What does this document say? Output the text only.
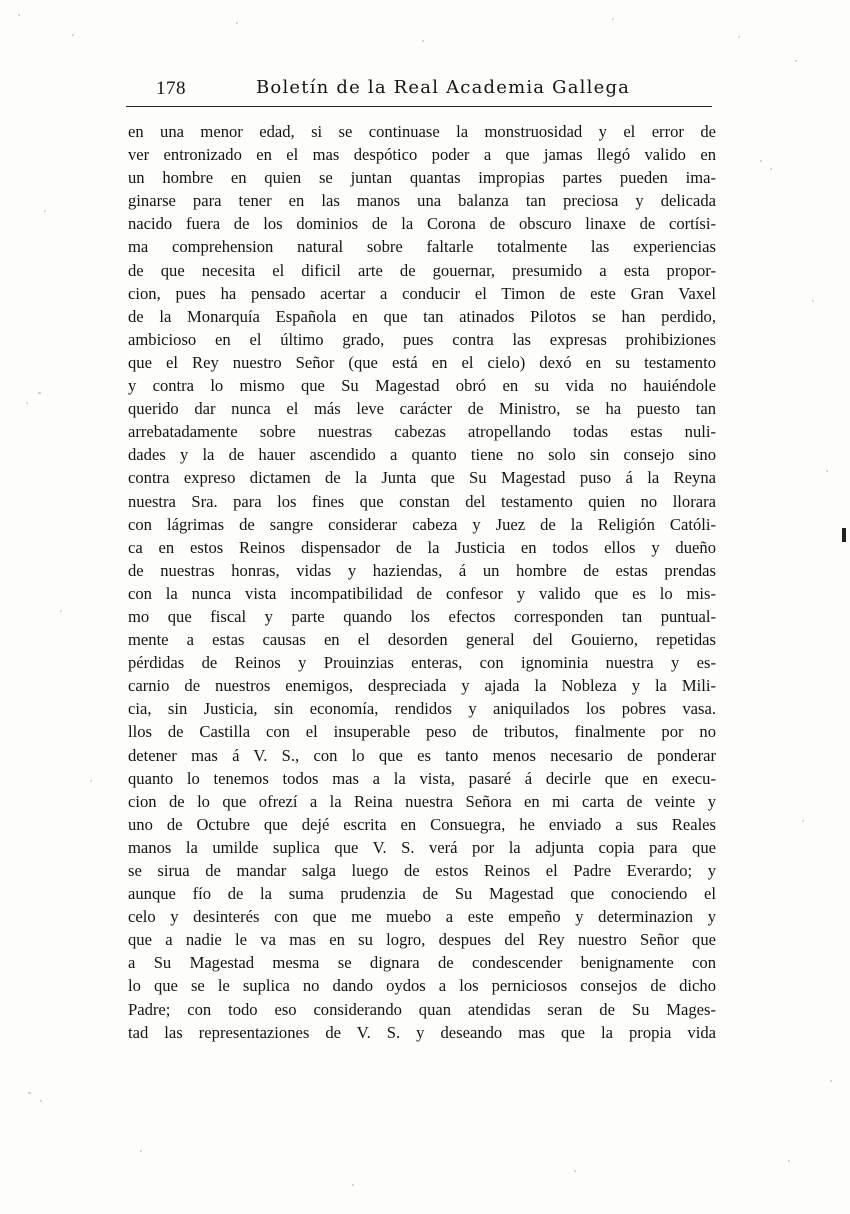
178	Boletín de la Real Academia Gallega
en una menor edad, si se continuase la monstruosidad y el error de
ver entronizado en el mas despótico poder a que jamas llegó valido en
un hombre en quien se juntan quantas impropias partes pueden ima-
ginarse para tener en las manos una balanza tan preciosa y delicada
nacido fuera de los dominios de la Corona de obscuro linaxe de cortísi-
ma comprehension natural sobre faltarle totalmente las experiencias
de que necesita el dificil arte de gouernar, presumido a esta propor-
cion, pues ha pensado acertar a conducir el Timon de este Gran Vaxel
de la Monarquía Española en que tan atinados Pilotos se han perdido,
ambicioso en el último grado, pues contra las expresas prohibiziones
que el Rey nuestro Señor (que está en el cielo) dexó en su testamento
y contra lo mismo que Su Magestad obró en su vida no hauiéndole
querido dar nunca el más leve carácter de Ministro, se ha puesto tan
arrebatadamente sobre nuestras cabezas atropellando todas estas nuli-
dades y la de hauer ascendido a quanto tiene no solo sin consejo sino
contra expreso dictamen de la Junta que Su Magestad puso á la Reyna
nuestra Sra. para los fines que constan del testamento quien no llorara
con lágrimas de sangre considerar cabeza y Juez de la Religión Católi-
ca en estos Reinos dispensador de la Justicia en todos ellos y dueño
de nuestras honras, vidas y haziendas, á un hombre de estas prendas
con la nunca vista incompatibilidad de confesor y valido que es lo mis-
mo que fiscal y parte quando los efectos corresponden tan puntual-
mente a estas causas en el desorden general del Gouierno, repetidas
pérdidas de Reinos y Prouinzias enteras, con ignominia nuestra y es-
carnio de nuestros enemigos, despreciada y ajada la Nobleza y la Mili-
cia, sin Justicia, sin economía, rendidos y aniquilados los pobres vasa.
llos de Castilla con el insuperable peso de tributos, finalmente por no
detener mas á V. S., con lo que es tanto menos necesario de ponderar
quanto lo tenemos todos mas a la vista, pasaré á decirle que en execu-
cion de lo que ofrezí a la Reina nuestra Señora en mi carta de veinte y
uno de Octubre que dejé escrita en Consuegra, he enviado a sus Reales
manos la umilde suplica que V. S. verá por la adjunta copia para que
se sirua de mandar salga luego de estos Reinos el Padre Everardo; y
aunque fío de la suma prudenzia de Su Magestad que conociendo el
celo y desinterés con que me muebo a este empeño y determinazion y
que a nadie le va mas en su logro, despues del Rey nuestro Señor que
a Su Magestad mesma se dignara de condescender benignamente con
lo que se le suplica no dando oydos a los perniciosos consejos de dicho
Padre; con todo eso considerando quan atendidas seran de Su Mages-
tad las representaziones de V. S. y deseando mas que la propia vida
